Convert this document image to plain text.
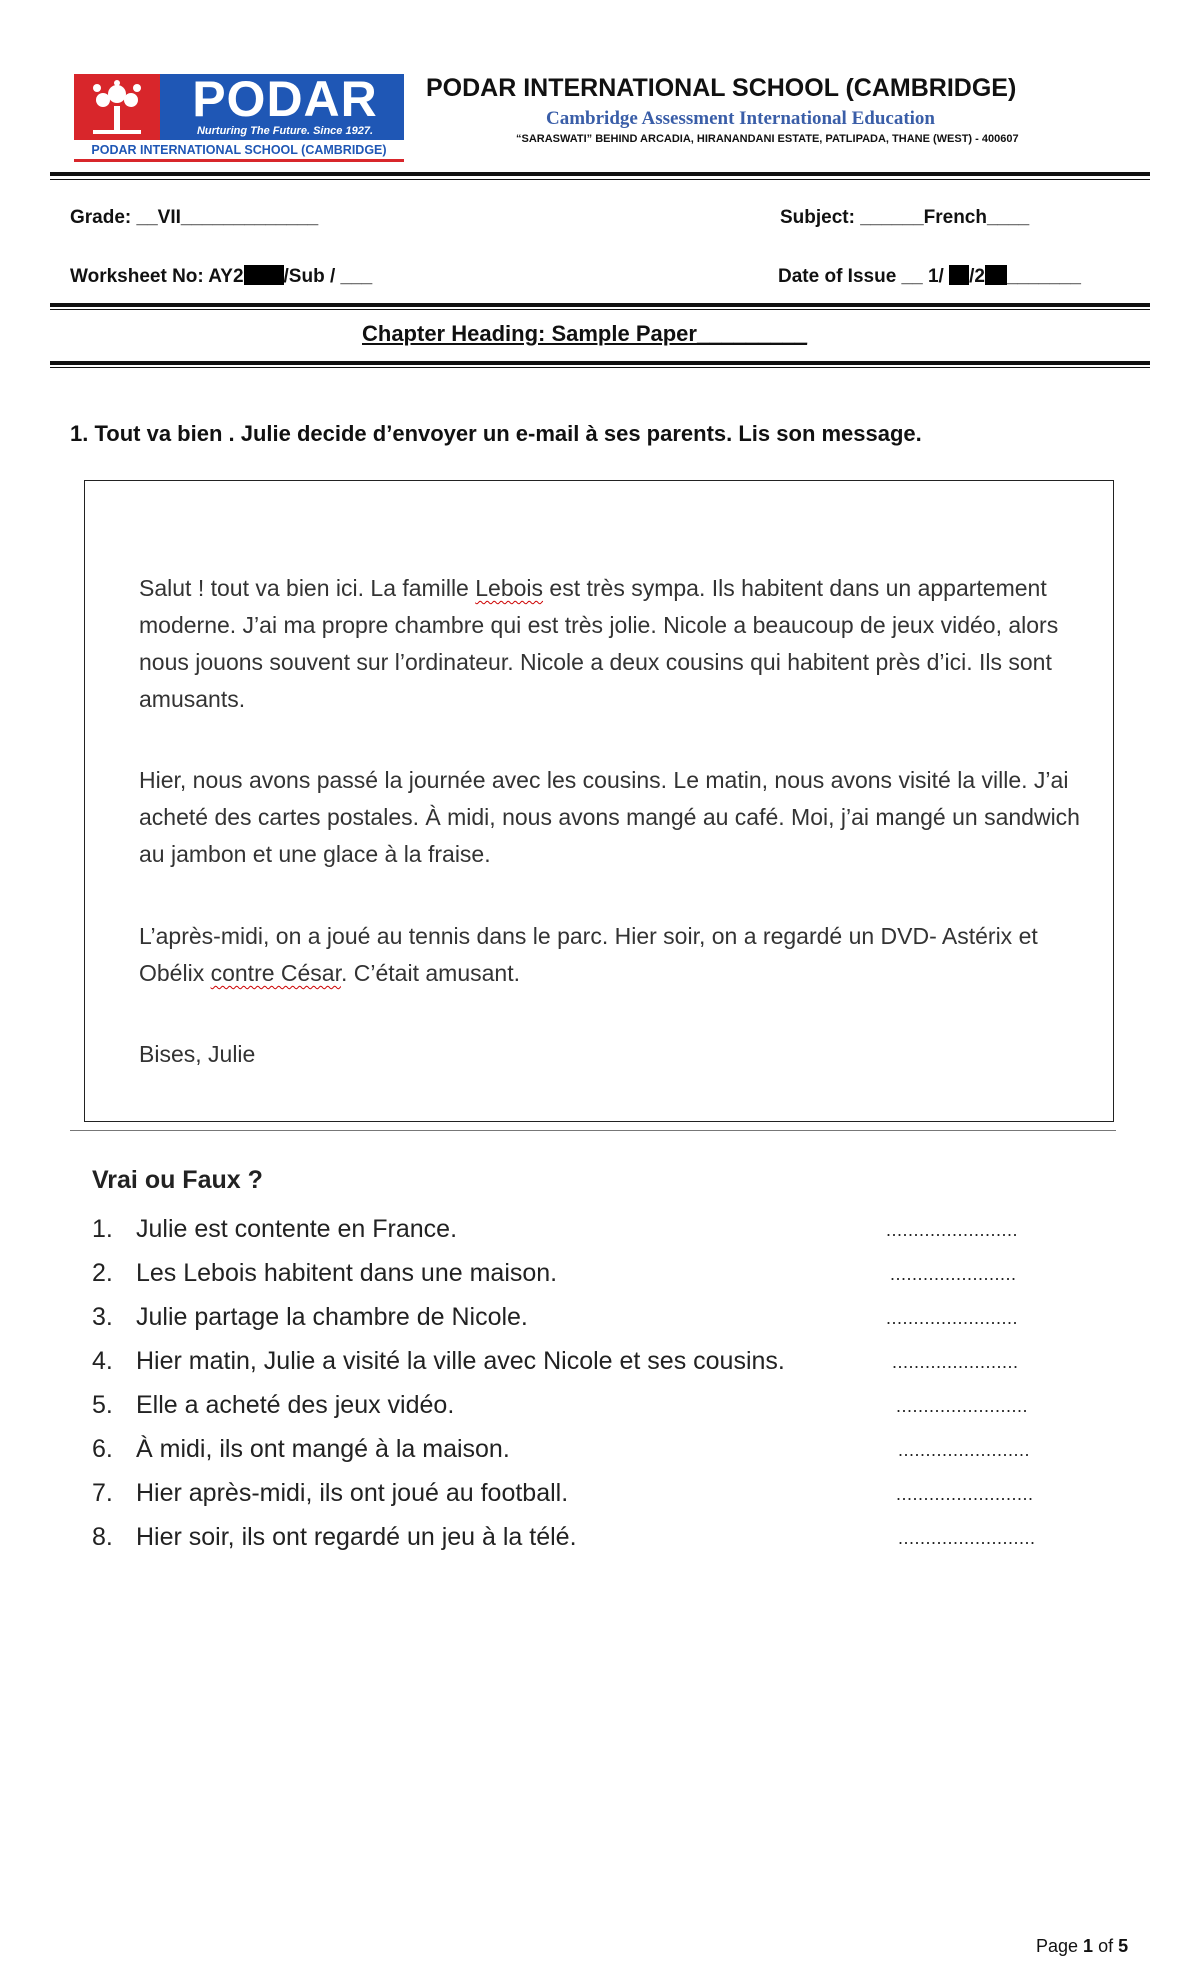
PODAR
Nurturing The Future. Since 1927.
PODAR INTERNATIONAL SCHOOL (CAMBRIDGE)
PODAR INTERNATIONAL SCHOOL (CAMBRIDGE)
Cambridge Assessment International Education
“SARASWATI” BEHIND ARCADIA, HIRANANDANI ESTATE, PATLIPADA, THANE (WEST) - 400607
Grade: __VII_____________	Subject: ______French____
Worksheet No: AY2 /Sub / ___	Date of Issue __ 1/ /2 _______
Chapter Heading: Sample Paper_________
1. Tout va bien . Julie decide d’envoyer un e-mail à ses parents. Lis son message.
Salut ! tout va bien ici. La famille Lebois est très sympa. Ils habitent dans un appartement moderne. J’ai ma propre chambre qui est très jolie. Nicole a beaucoup de jeux vidéo, alors nous jouons souvent sur l’ordinateur. Nicole a deux cousins qui habitent près d’ici. Ils sont amusants.
Hier, nous avons passé la journée avec les cousins. Le matin, nous avons visité la ville. J’ai acheté des cartes postales. À midi, nous avons mangé au café. Moi, j’ai mangé un sandwich au jambon et une glace à la fraise.
L’après-midi, on a joué au tennis dans le parc. Hier soir, on a regardé un DVD- Astérix et Obélix contre César. C’était amusant.
Bises, Julie
Vrai ou Faux ?
1. Julie est contente en France.
2. Les Lebois habitent dans une maison.
3. Julie partage la chambre de Nicole.
4. Hier matin, Julie a visité la ville avec Nicole et ses cousins.
5. Elle a acheté des jeux vidéo.
6. À midi, ils ont mangé à la maison.
7. Hier après-midi, ils ont joué au football.
8. Hier soir, ils ont regardé un jeu à la télé.
........................
.......................
........................
.......................
........................
........................
.........................
.........................
Page 1 of 5
